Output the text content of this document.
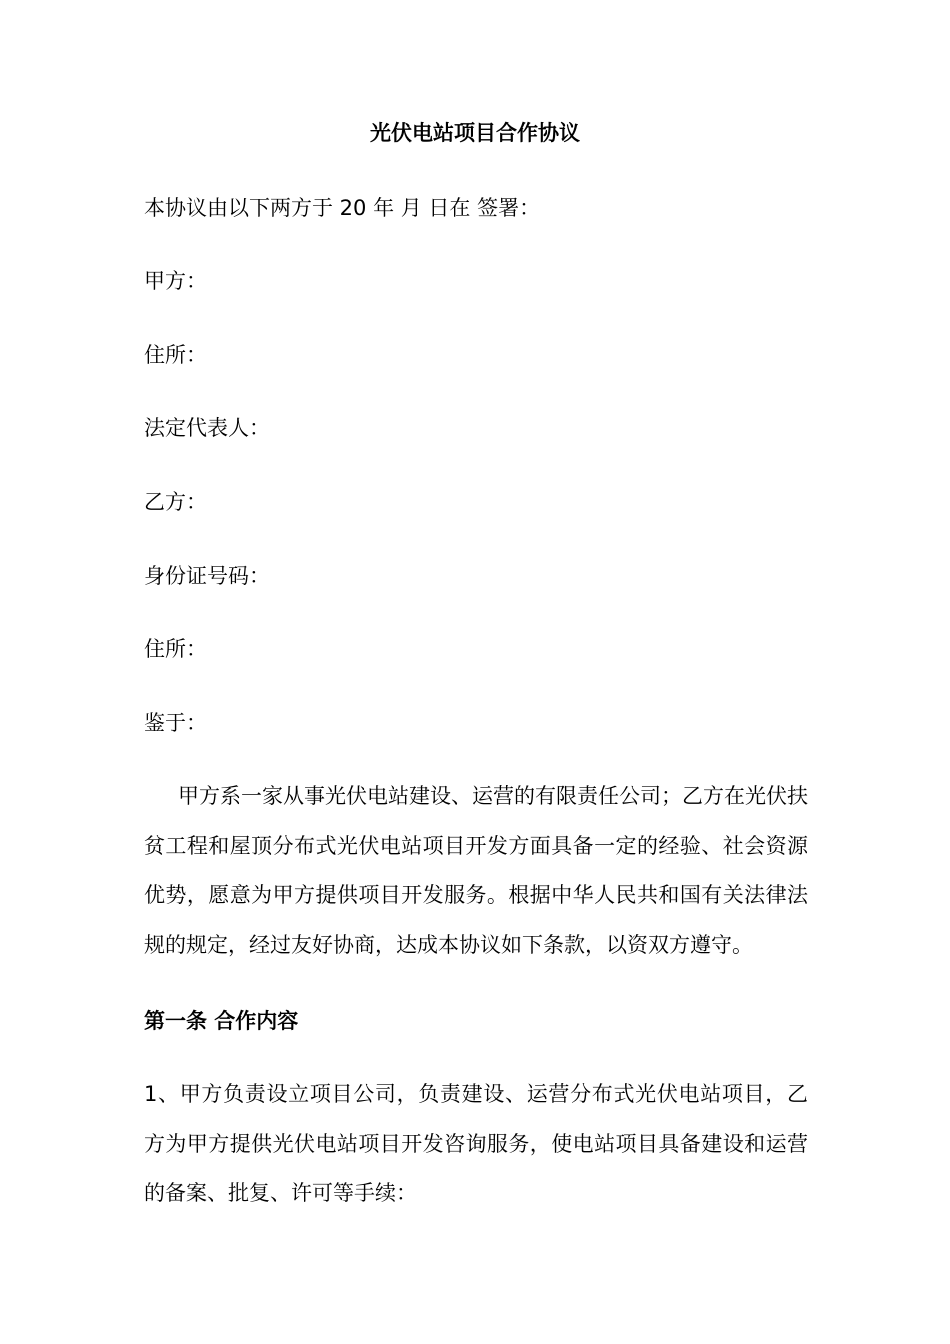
光伏电站项目合作协议
本协议由以下两方于 20 年 月 日在 签署：
甲方：
住所：
法定代表人：
乙方：
身份证号码：
住所：
鉴于：
甲方系一家从事光伏电站建设、运营的有限责任公司；乙方在光伏扶贫工程和屋顶分布式光伏电站项目开发方面具备一定的经验、社会资源优势，愿意为甲方提供项目开发服务。根据中华人民共和国有关法律法规的规定，经过友好协商，达成本协议如下条款，以资双方遵守。
第一条 合作内容
1、甲方负责设立项目公司，负责建设、运营分布式光伏电站项目，乙方为甲方提供光伏电站项目开发咨询服务，使电站项目具备建设和运营的备案、批复、许可等手续：
